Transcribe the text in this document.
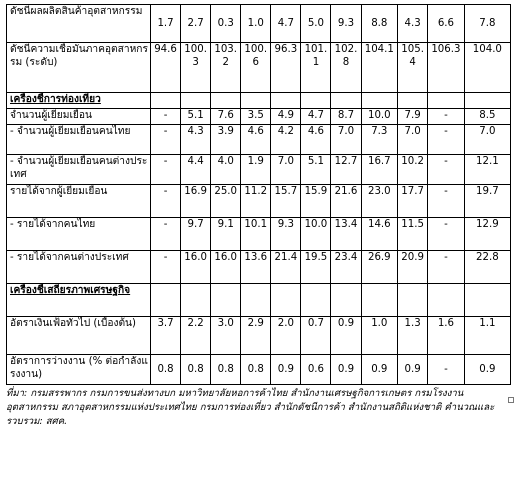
ดัชนีผลผลิตสินค้าอุตสาหกรรม	1.7	2.7	0.3	1.0	4.7	5.0	9.3	8.8	4.3	6.6	7.8
ดัชนีความเชื่อมั่นภาคอุตสาหกรรม (ระดับ)	94.6	100.3	103.2	100.6	96.3	101.1	102.8	104.1	105.4	106.3	104.0
เครื่องชี้การท่องเที่ยว											
จำนวนผู้เยี่ยมเยือน	-	5.1	7.6	3.5	4.9	4.7	8.7	10.0	7.9	-	8.5
- จำนวนผู้เยี่ยมเยือนคนไทย	-	4.3	3.9	4.6	4.2	4.6	7.0	7.3	7.0	-	7.0
- จำนวนผู้เยี่ยมเยือนคนต่างประเทศ	-	4.4	4.0	1.9	7.0	5.1	12.7	16.7	10.2	-	12.1
รายได้จากผู้เยี่ยมเยือน	-	16.9	25.0	11.2	15.7	15.9	21.6	23.0	17.7	-	19.7
- รายได้จากคนไทย	-	9.7	9.1	10.1	9.3	10.0	13.4	14.6	11.5	-	12.9
- รายได้จากคนต่างประเทศ	-	16.0	16.0	13.6	21.4	19.5	23.4	26.9	20.9	-	22.8
เครื่องชี้เสถียรภาพเศรษฐกิจ											
อัตราเงินเฟ้อทั่วไป (เบื้องต้น)	3.7	2.2	3.0	2.9	2.0	0.7	0.9	1.0	1.3	1.6	1.1
อัตราการว่างงาน (% ต่อกำลังแรงงาน)	0.8	0.8	0.8	0.8	0.9	0.6	0.9	0.9	0.9	-	0.9
ที่มา: กรมสรรพากร กรมการขนส่งทางบก มหาวิทยาลัยหอการค้าไทย สำนักงานเศรษฐกิจการเกษตร กรมโรงงานอุตสาหกรรม สภาอุตสาหกรรมแห่งประเทศไทย กรมการท่องเที่ยว สำนักดัชนีการค้า สำนักงานสถิติแห่งชาติ คำนวณและรวบรวม: สศค.
